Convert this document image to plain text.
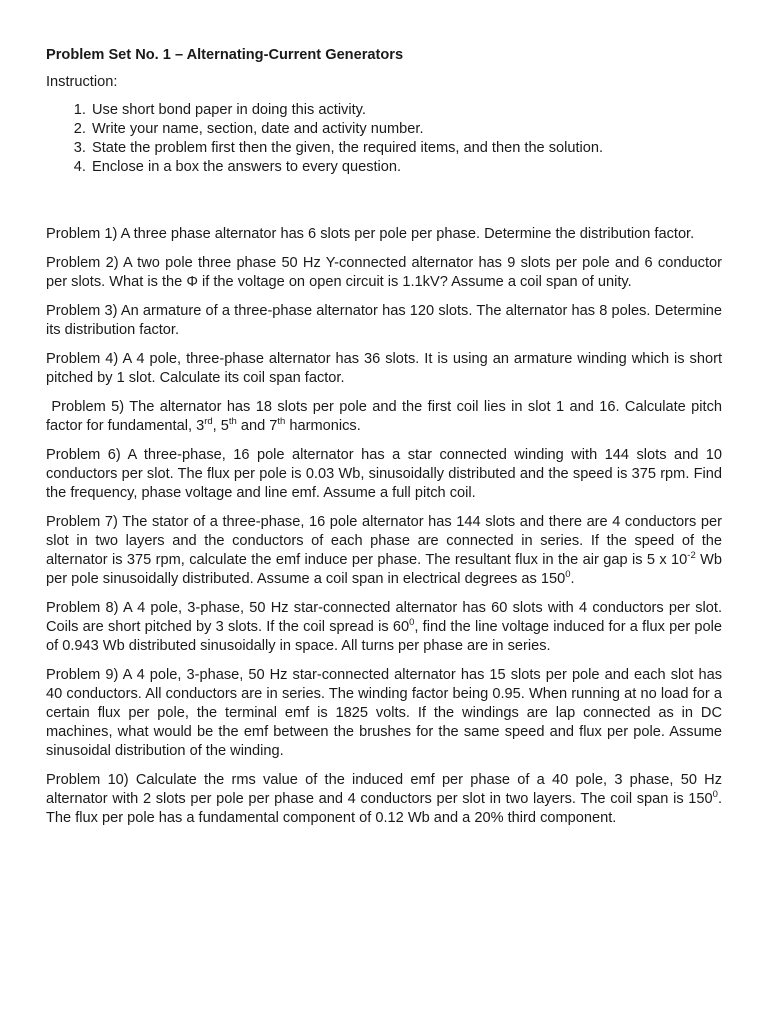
Problem Set No. 1 – Alternating-Current Generators

Instruction:

1. Use short bond paper in doing this activity.
2. Write your name, section, date and activity number.
3. State the problem first then the given, the required items, and then the solution.
4. Enclose in a box the answers to every question.

Problem 1) A three phase alternator has 6 slots per pole per phase. Determine the distribution factor.

Problem 2) A two pole three phase 50 Hz Y-connected alternator has 9 slots per pole and 6 conductor per slots. What is the Φ if the voltage on open circuit is 1.1kV? Assume a coil span of unity.

Problem 3) An armature of a three-phase alternator has 120 slots. The alternator has 8 poles. Determine its distribution factor.

Problem 4) A 4 pole, three-phase alternator has 36 slots. It is using an armature winding which is short pitched by 1 slot. Calculate its coil span factor.

Problem 5) The alternator has 18 slots per pole and the first coil lies in slot 1 and 16. Calculate pitch factor for fundamental, 3rd, 5th and 7th harmonics.

Problem 6) A three-phase, 16 pole alternator has a star connected winding with 144 slots and 10 conductors per slot. The flux per pole is 0.03 Wb, sinusoidally distributed and the speed is 375 rpm. Find the frequency, phase voltage and line emf. Assume a full pitch coil.

Problem 7) The stator of a three-phase, 16 pole alternator has 144 slots and there are 4 conductors per slot in two layers and the conductors of each phase are connected in series. If the speed of the alternator is 375 rpm, calculate the emf induce per phase. The resultant flux in the air gap is 5 x $10^{-2}$ Wb per pole sinusoidally distributed. Assume a coil span in electrical degrees as $150^0$.

Problem 8) A 4 pole, 3-phase, 50 Hz star-connected alternator has 60 slots with 4 conductors per slot. Coils are short pitched by 3 slots. If the coil spread is $60^0$, find the line voltage induced for a flux per pole of 0.943 Wb distributed sinusoidally in space. All turns per phase are in series.

Problem 9) A 4 pole, 3-phase, 50 Hz star-connected alternator has 15 slots per pole and each slot has 40 conductors. All conductors are in series. The winding factor being 0.95. When running at no load for a certain flux per pole, the terminal emf is 1825 volts. If the windings are lap connected as in DC machines, what would be the emf between the brushes for the same speed and flux per pole. Assume sinusoidal distribution of the winding.

Problem 10) Calculate the rms value of the induced emf per phase of a 40 pole, 3 phase, 50 Hz alternator with 2 slots per pole per phase and 4 conductors per slot in two layers. The coil span is $150^0$. The flux per pole has a fundamental component of 0.12 Wb and a 20% third component.
